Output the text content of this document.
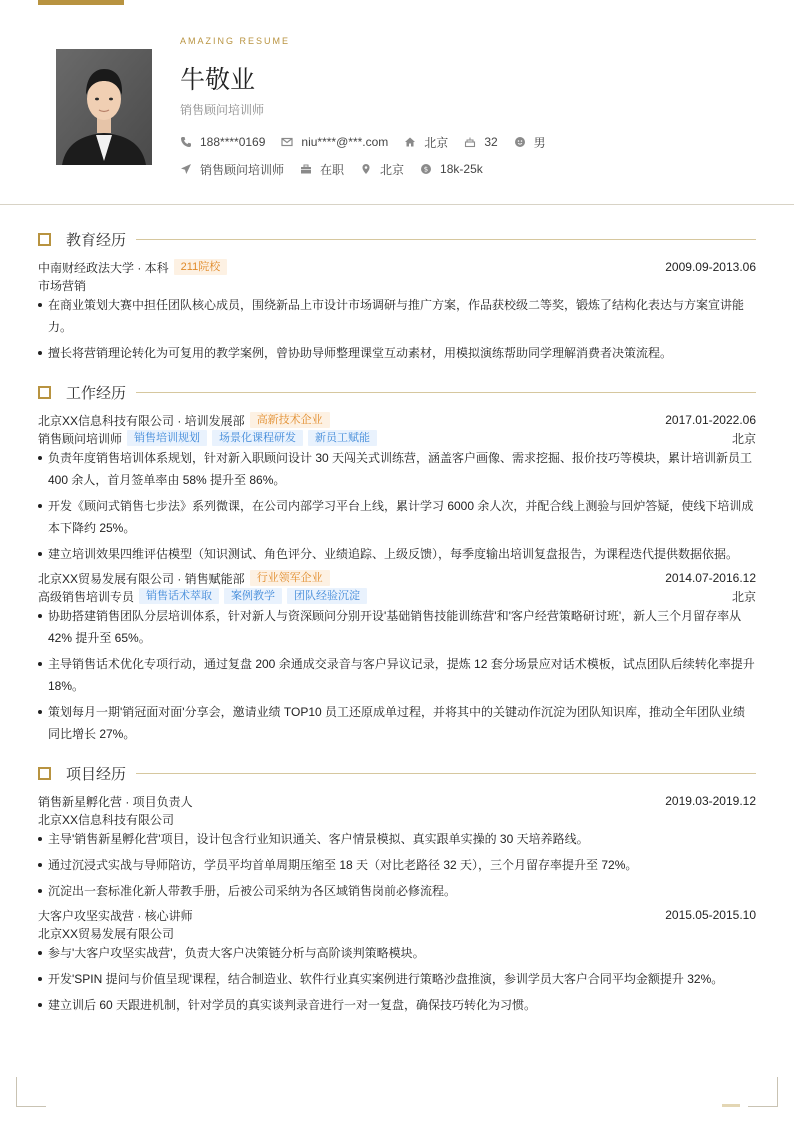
AMAZING RESUME
牛敬业
销售顾问培训师
188****0169	niu****@***.com	北京	32	男
销售顾问培训师	在职	北京	$ 18k-25k
教育经历
中南财经政法大学 · 本科	211院校	2009.09-2013.06
市场营销
在商业策划大赛中担任团队核心成员，围绕新品上市设计市场调研与推广方案，作品获校级二等奖，锻炼了结构化表达与方案宣讲能力。
擅长将营销理论转化为可复用的教学案例，曾协助导师整理课堂互动素材，用模拟演练帮助同学理解消费者决策流程。
工作经历
北京XX信息科技有限公司 · 培训发展部	高新技术企业	2017.01-2022.06
销售顾问培训师	销售培训规划	场景化课程研发	新员工赋能	北京
负责年度销售培训体系规划，针对新入职顾问设计 30 天闯关式训练营，涵盖客户画像、需求挖掘、报价技巧等模块，累计培训新员工 400 余人，首月签单率由 58% 提升至 86%。
开发《顾问式销售七步法》系列微课，在公司内部学习平台上线，累计学习 6000 余人次，并配合线上测验与回炉答疑，使线下培训成本下降约 25%。
建立培训效果四维评估模型（知识测试、角色评分、业绩追踪、上级反馈），每季度输出培训复盘报告，为课程迭代提供数据依据。
北京XX贸易发展有限公司 · 销售赋能部	行业领军企业	2014.07-2016.12
高级销售培训专员	销售话术萃取	案例教学	团队经验沉淀	北京
协助搭建销售团队分层培训体系，针对新人与资深顾问分别开设'基础销售技能训练营'和'客户经营策略研讨班'，新人三个月留存率从 42% 提升至 65%。
主导销售话术优化专项行动，通过复盘 200 余通成交录音与客户异议记录，提炼 12 套分场景应对话术模板，试点团队后续转化率提升 18%。
策划每月一期'销冠面对面'分享会，邀请业绩 TOP10 员工还原成单过程，并将其中的关键动作沉淀为团队知识库，推动全年团队业绩同比增长 27%。
项目经历
销售新星孵化营 · 项目负责人	2019.03-2019.12
北京XX信息科技有限公司
主导'销售新星孵化营'项目，设计包含行业知识通关、客户情景模拟、真实跟单实操的 30 天培养路线。
通过沉浸式实战与导师陪访，学员平均首单周期压缩至 18 天（对比老路径 32 天），三个月留存率提升至 72%。
沉淀出一套标准化新人带教手册，后被公司采纳为各区域销售岗前必修流程。
大客户攻坚实战营 · 核心讲师	2015.05-2015.10
北京XX贸易发展有限公司
参与'大客户攻坚实战营'，负责大客户决策链分析与高阶谈判策略模块。
开发'SPIN 提问与价值呈现'课程，结合制造业、软件行业真实案例进行策略沙盘推演，参训学员大客户合同平均金额提升 32%。
建立训后 60 天跟进机制，针对学员的真实谈判录音进行一对一复盘，确保技巧转化为习惯。
